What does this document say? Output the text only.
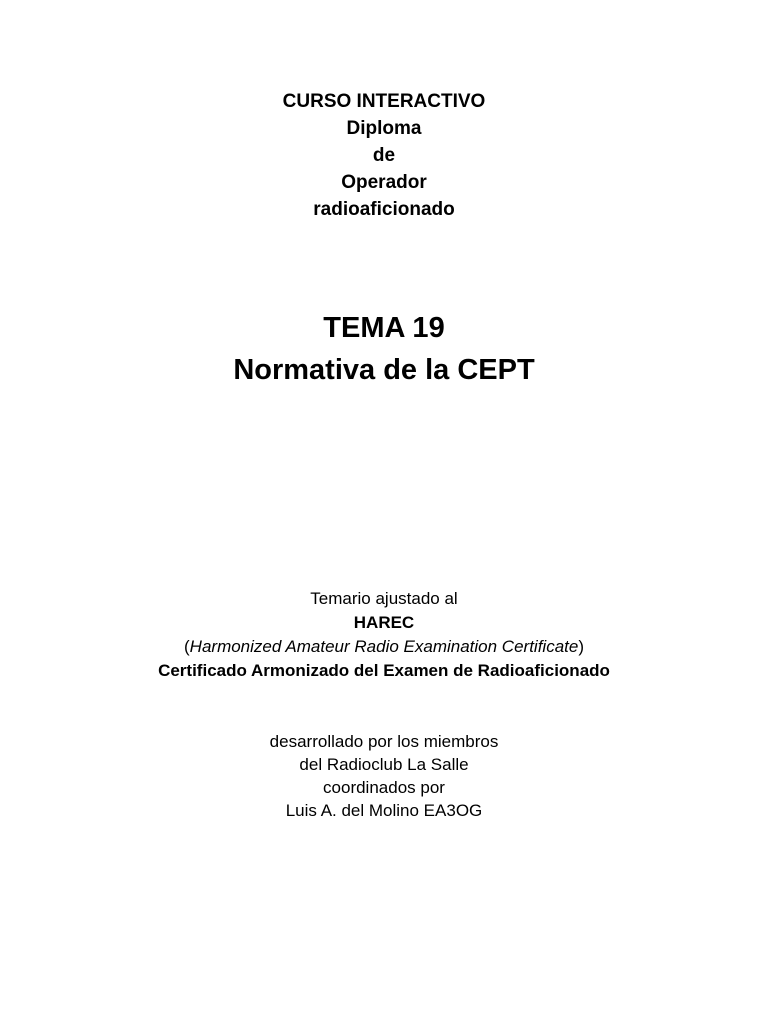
CURSO INTERACTIVO
Diploma
de
Operador
radioaficionado
TEMA 19
Normativa de la CEPT
Temario ajustado al
HAREC
(Harmonized Amateur Radio Examination Certificate)
Certificado Armonizado del Examen de Radioaficionado
desarrollado por los miembros
del Radioclub La Salle
coordinados por
Luis A. del Molino EA3OG
